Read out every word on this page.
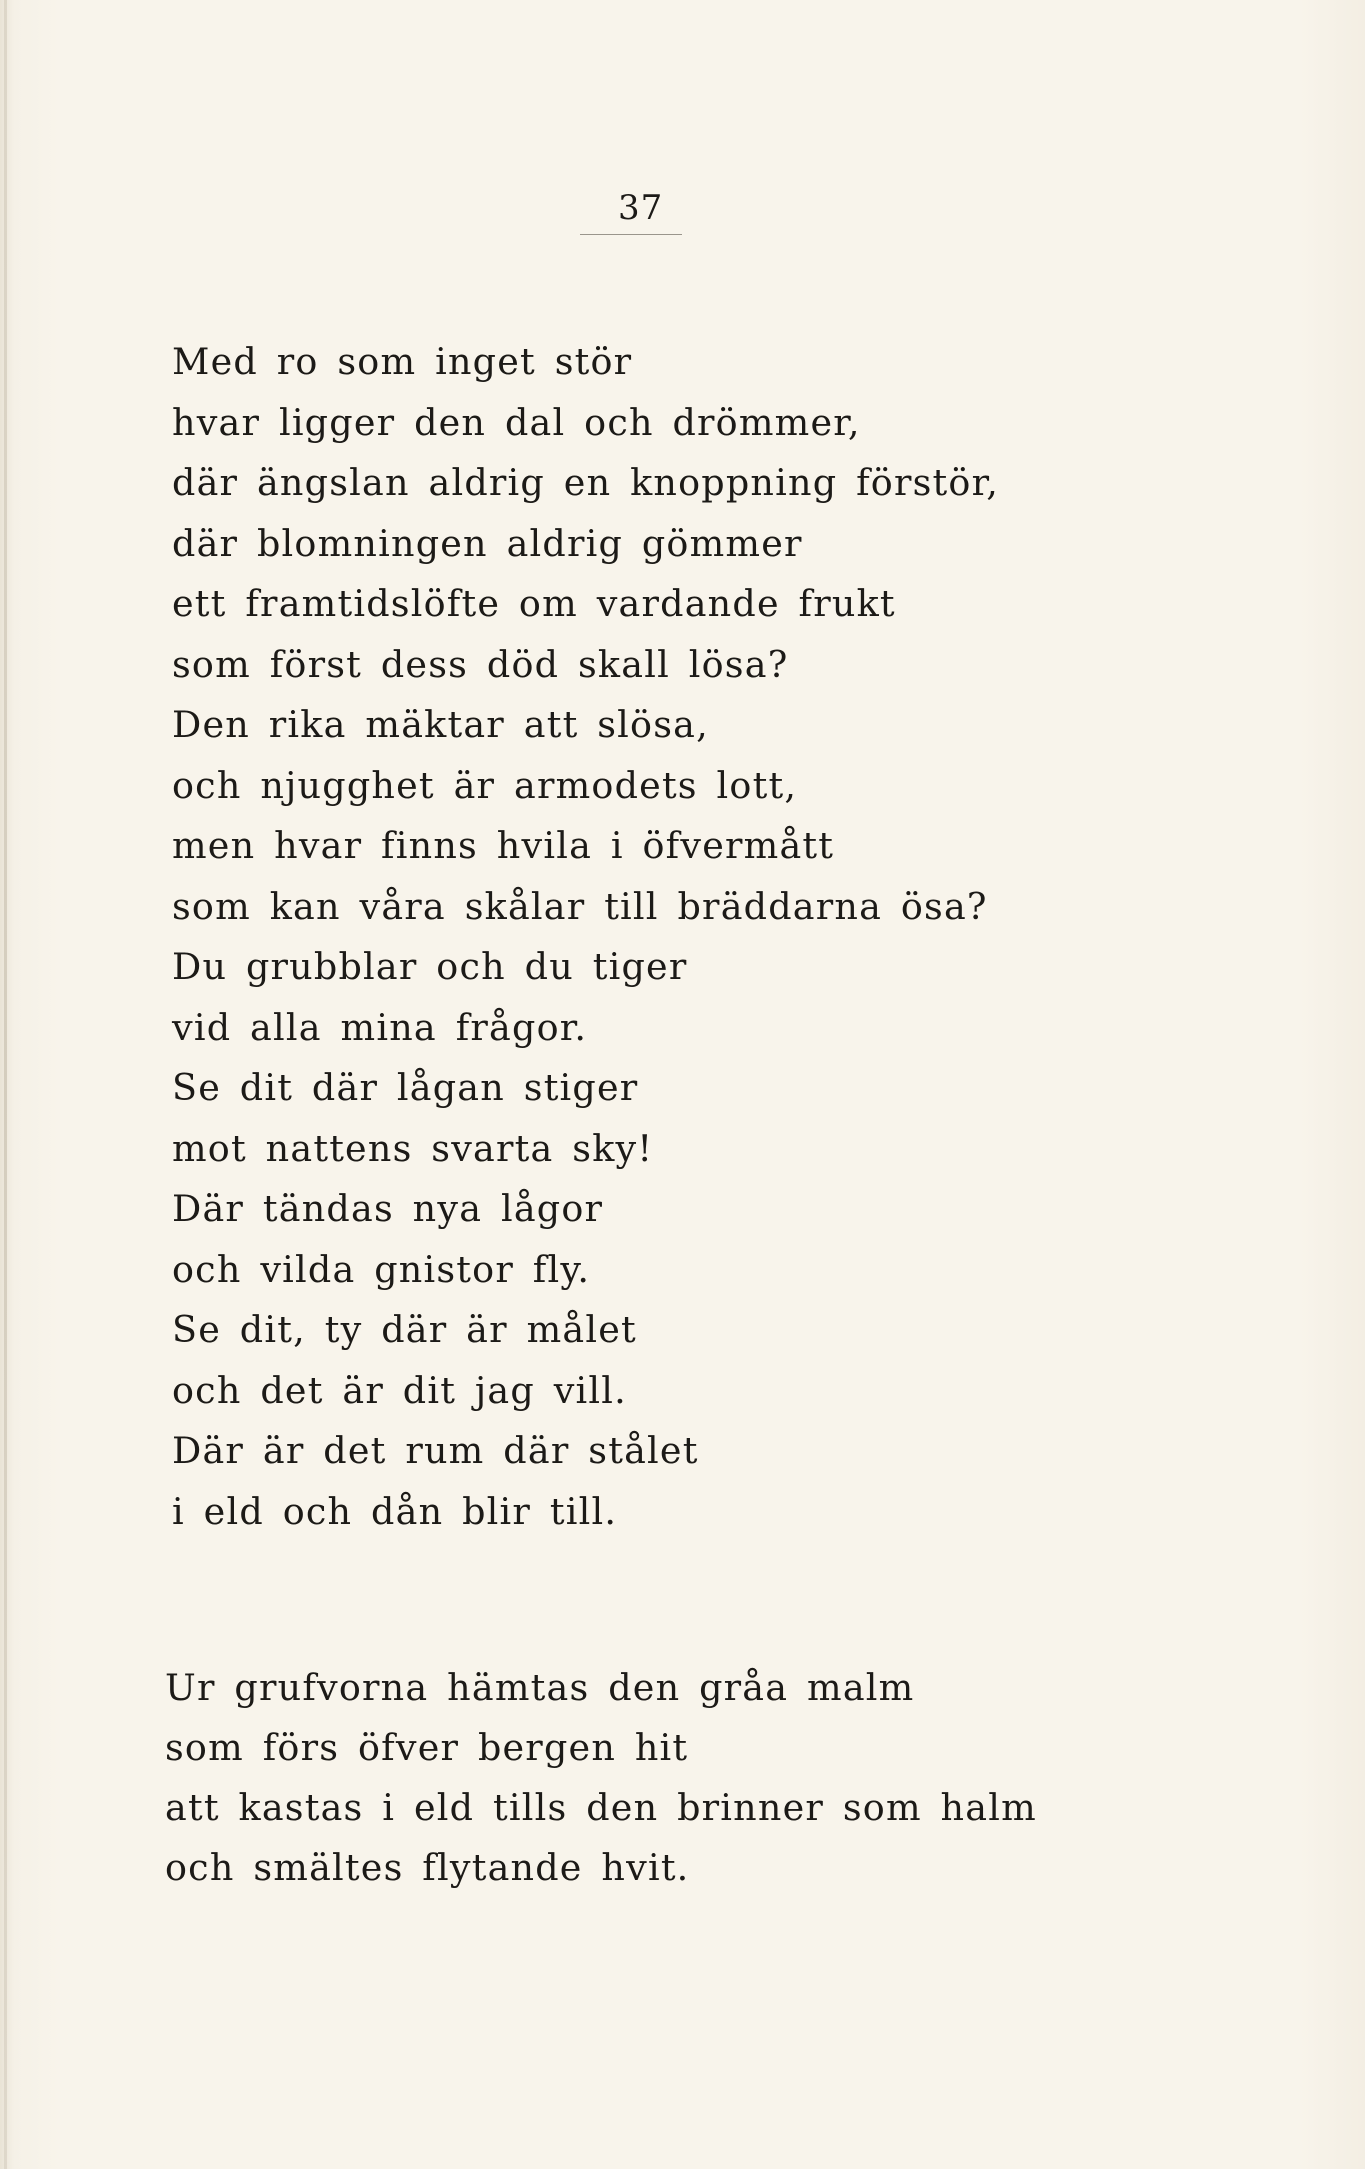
37
Med ro som inget stör
hvar ligger den dal och drömmer,
där ängslan aldrig en knoppning förstör,
där blomningen aldrig gömmer
ett framtidslöfte om vardande frukt
som först dess död skall lösa?
Den rika mäktar att slösa,
och njugghet är armodets lott,
men hvar finns hvila i öfvermått
som kan våra skålar till bräddarna ösa?
Du grubblar och du tiger
vid alla mina frågor.
Se dit där lågan stiger
mot nattens svarta sky!
Där tändas nya lågor
och vilda gnistor fly.
Se dit, ty där är målet
och det är dit jag vill.
Där är det rum där stålet
i eld och dån blir till.
Ur grufvorna hämtas den gråa malm
som förs öfver bergen hit
att kastas i eld tills den brinner som halm
och smältes flytande hvit.
